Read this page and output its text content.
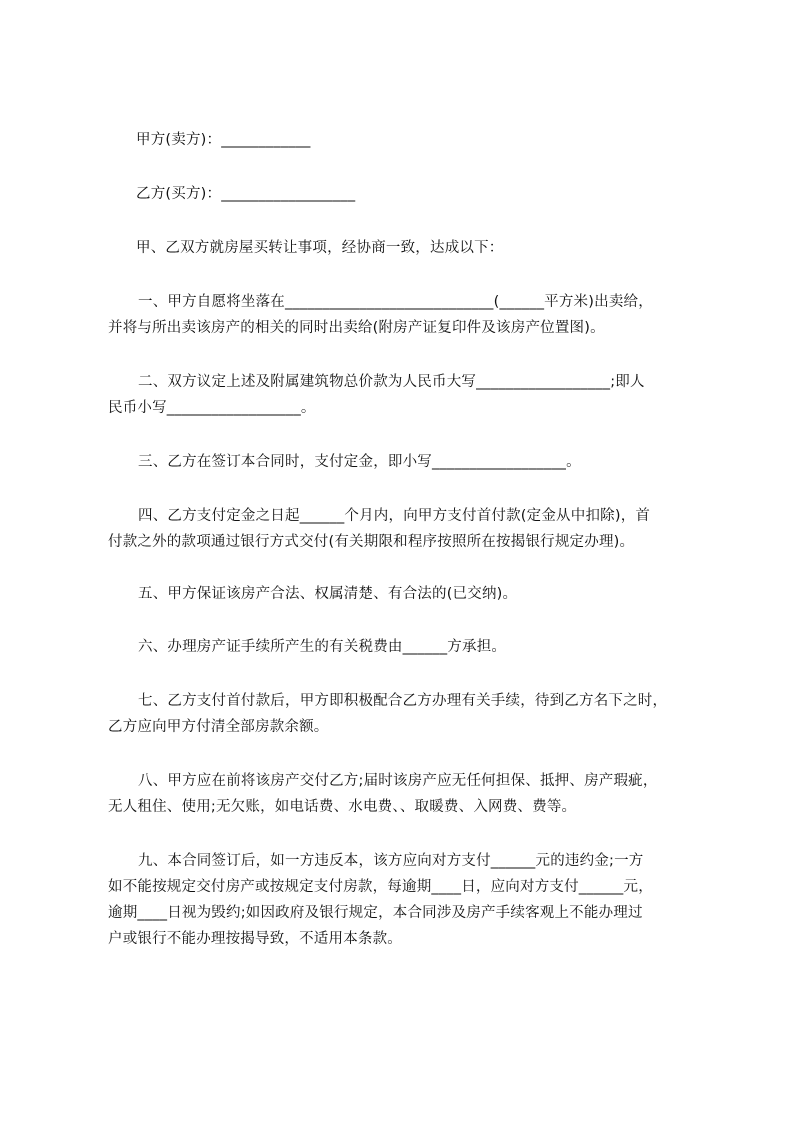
甲方(卖方)：____________
乙方(买方)：__________________
甲、乙双方就房屋买转让事项，经协商一致，达成以下：
一、甲方自愿将坐落在____________________________(______平方米)出卖给，
并将与所出卖该房产的相关的同时出卖给(附房产证复印件及该房产位置图)。
二、双方议定上述及附属建筑物总价款为人民币大写__________________;即人
民币小写__________________。
三、乙方在签订本合同时，支付定金，即小写__________________。
四、乙方支付定金之日起______个月内，向甲方支付首付款(定金从中扣除)，首
付款之外的款项通过银行方式交付(有关期限和程序按照所在按揭银行规定办理)。
五、甲方保证该房产合法、权属清楚、有合法的(已交纳)。
六、办理房产证手续所产生的有关税费由______方承担。
七、乙方支付首付款后，甲方即积极配合乙方办理有关手续，待到乙方名下之时，
乙方应向甲方付清全部房款余额。
八、甲方应在前将该房产交付乙方;届时该房产应无任何担保、抵押、房产瑕疵，
无人租住、使用;无欠账，如电话费、水电费、、取暖费、入网费、费等。
九、本合同签订后，如一方违反本，该方应向对方支付______元的违约金;一方
如不能按规定交付房产或按规定支付房款，每逾期____日，应向对方支付______元，
逾期____日视为毁约;如因政府及银行规定，本合同涉及房产手续客观上不能办理过
户或银行不能办理按揭导致，不适用本条款。
